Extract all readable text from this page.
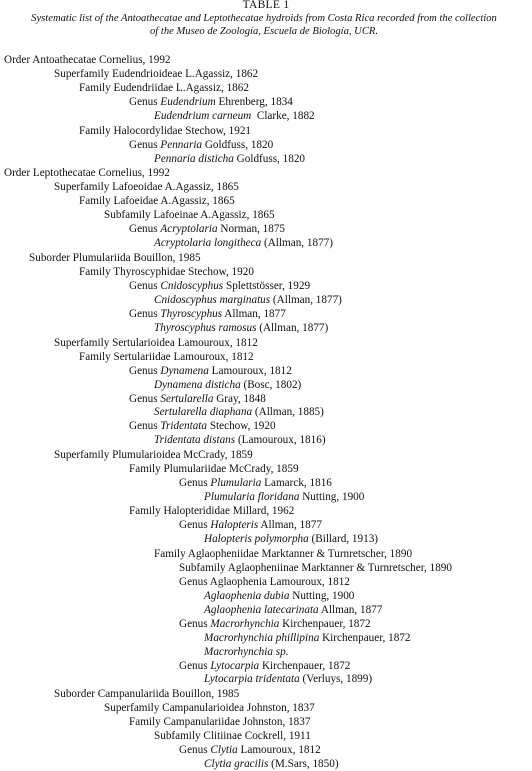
TABLE 1
Systematic list of the Antoathecatae and Leptothecatae hydroids from Costa Rica recorded from the collection
of the Museo de Zoología, Escuela de Biología, UCR.
Order Antoathecatae Cornelius, 1992
Superfamily Eudendrioideae L.Agassiz, 1862
Family Eudendriidae L.Agassiz, 1862
Genus Eudendrium Ehrenberg, 1834
Eudendrium carneum  Clarke, 1882
Family Halocordylidae Stechow, 1921
Genus Pennaria Goldfuss, 1820
Pennaria disticha Goldfuss, 1820
Order Leptothecatae Cornelius, 1992
Superfamily Lafoeoidae A.Agassiz, 1865
Family Lafoeidae A.Agassiz, 1865
Subfamily Lafoeinae A.Agassiz, 1865
Genus Acryptolaria Norman, 1875
Acryptolaria longitheca (Allman, 1877)
Suborder Plumulariida Bouillon, 1985
Family Thyroscyphidae Stechow, 1920
Genus Cnidoscyphus Splettstösser, 1929
Cnidoscyphus marginatus (Allman, 1877)
Genus Thyroscyphus Allman, 1877
Thyroscyphus ramosus (Allman, 1877)
Superfamily Sertularioidea Lamouroux, 1812
Family Sertulariidae Lamouroux, 1812
Genus Dynamena Lamouroux, 1812
Dynamena disticha (Bosc, 1802)
Genus Sertularella Gray, 1848
Sertularella diaphana (Allman, 1885)
Genus Tridentata Stechow, 1920
Tridentata distans (Lamouroux, 1816)
Superfamily Plumularioidea McCrady, 1859
Family Plumulariidae McCrady, 1859
Genus Plumularia Lamarck, 1816
Plumularia floridana Nutting, 1900
Family Halopterididae Millard, 1962
Genus Halopteris Allman, 1877
Halopteris polymorpha (Billard, 1913)
Family Aglaopheniidae Marktanner & Turnretscher, 1890
Subfamily Aglaopheniinae Marktanner & Turnretscher, 1890
Genus Aglaophenia Lamouroux, 1812
Aglaophenia dubia Nutting, 1900
Aglaophenia latecarinata Allman, 1877
Genus Macrorhynchia Kirchenpauer, 1872
Macrorhynchia phillipina Kirchenpauer, 1872
Macrorhynchia sp.
Genus Lytocarpia Kirchenpauer, 1872
Lytocarpia tridentata (Verluys, 1899)
Suborder Campanulariida Bouillon, 1985
Superfamily Campanularioidea Johnston, 1837
Family Campanulariidae Johnston, 1837
Subfamily Clitiinae Cockrell, 1911
Genus Clytia Lamouroux, 1812
Clytia gracilis (M.Sars, 1850)
